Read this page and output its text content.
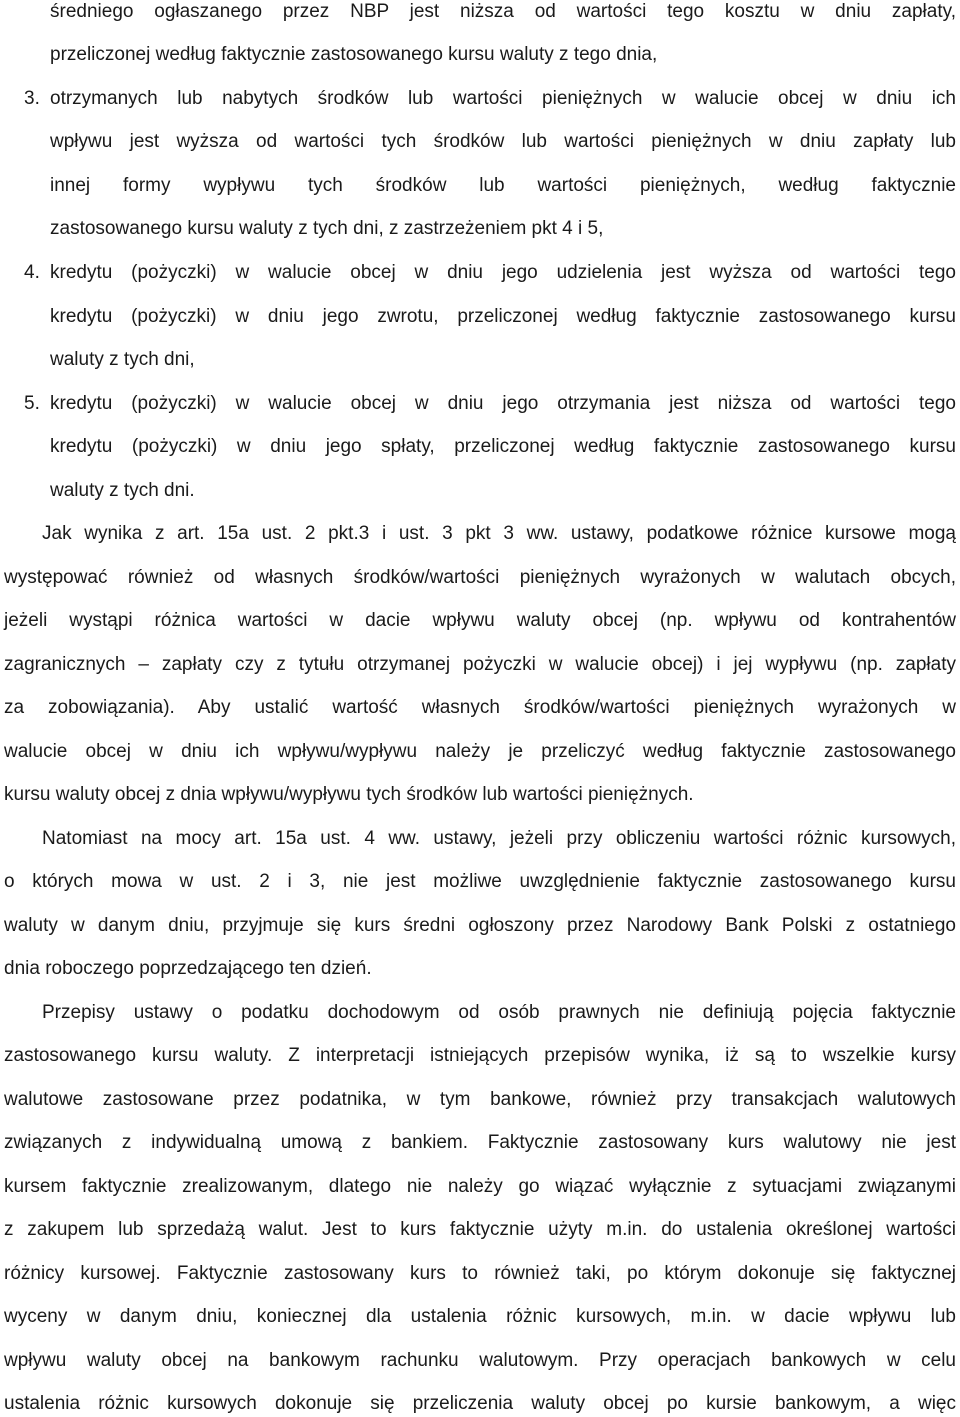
średniego ogłaszanego przez NBP jest niższa od wartości tego kosztu w dniu zapłaty,
przeliczonej według faktycznie zastosowanego kursu waluty z tego dnia,
3. otrzymanych lub nabytych środków lub wartości pieniężnych w walucie obcej w dniu ich
wpływu jest wyższa od wartości tych środków lub wartości pieniężnych w dniu zapłaty lub
innej formy wypływu tych środków lub wartości pieniężnych, według faktycznie
zastosowanego kursu waluty z tych dni, z zastrzeżeniem pkt 4 i 5,
4. kredytu (pożyczki) w walucie obcej w dniu jego udzielenia jest wyższa od wartości tego
kredytu (pożyczki) w dniu jego zwrotu, przeliczonej według faktycznie zastosowanego kursu
waluty z tych dni,
5. kredytu (pożyczki) w walucie obcej w dniu jego otrzymania jest niższa od wartości tego
kredytu (pożyczki) w dniu jego spłaty, przeliczonej według faktycznie zastosowanego kursu
waluty z tych dni.
Jak wynika z art. 15a ust. 2 pkt.3 i ust. 3 pkt 3 ww. ustawy, podatkowe różnice kursowe mogą
występować również od własnych środków/wartości pieniężnych wyrażonych w walutach obcych,
jeżeli wystąpi różnica wartości w dacie wpływu waluty obcej (np. wpływu od kontrahentów
zagranicznych – zapłaty czy z tytułu otrzymanej pożyczki w walucie obcej) i jej wypływu (np. zapłaty
za zobowiązania). Aby ustalić wartość własnych środków/wartości pieniężnych wyrażonych w
walucie obcej w dniu ich wpływu/wypływu należy je przeliczyć według faktycznie zastosowanego
kursu waluty obcej z dnia wpływu/wypływu tych środków lub wartości pieniężnych.
Natomiast na mocy art. 15a ust. 4 ww. ustawy, jeżeli przy obliczeniu wartości różnic kursowych,
o których mowa w ust. 2 i 3, nie jest możliwe uwzględnienie faktycznie zastosowanego kursu
waluty w danym dniu, przyjmuje się kurs średni ogłoszony przez Narodowy Bank Polski z ostatniego
dnia roboczego poprzedzającego ten dzień.
Przepisy ustawy o podatku dochodowym od osób prawnych nie definiują pojęcia faktycznie
zastosowanego kursu waluty. Z interpretacji istniejących przepisów wynika, iż są to wszelkie kursy
walutowe zastosowane przez podatnika, w tym bankowe, również przy transakcjach walutowych
związanych z indywidualną umową z bankiem. Faktycznie zastosowany kurs walutowy nie jest
kursem faktycznie zrealizowanym, dlatego nie należy go wiązać wyłącznie z sytuacjami związanymi
z zakupem lub sprzedażą walut. Jest to kurs faktycznie użyty m.in. do ustalenia określonej wartości
różnicy kursowej. Faktycznie zastosowany kurs to również taki, po którym dokonuje się faktycznej
wyceny w danym dniu, koniecznej dla ustalenia różnic kursowych, m.in. w dacie wpływu lub
wpływu waluty obcej na bankowym rachunku walutowym. Przy operacjach bankowych w celu
ustalenia różnic kursowych dokonuje się przeliczenia waluty obcej po kursie bankowym, a więc
